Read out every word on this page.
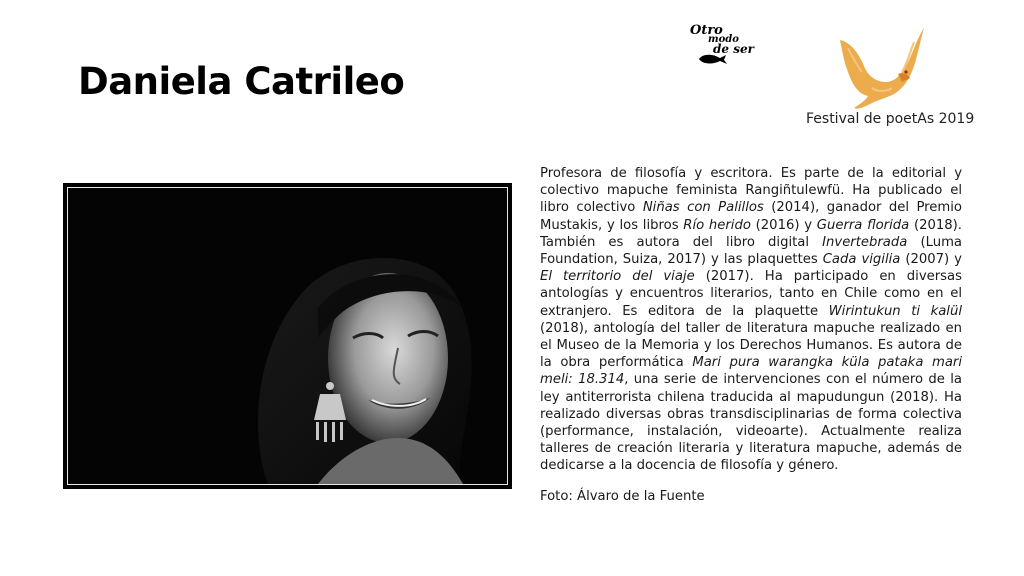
Daniela Catrileo
Otro
modo
de ser
Festival de poetAs 2019

Profesora de filosofía y escritora. Es parte de la editorial y colectivo mapuche feminista Rangiñtulewfü. Ha publicado el libro colectivo Niñas con Palillos (2014), ganador del Premio Mustakis, y los libros Río herido (2016) y Guerra florida (2018). También es autora del libro digital Invertebrada (Luma Foundation, Suiza, 2017) y las plaquettes Cada vigilia (2007) y El territorio del viaje (2017). Ha participado en diversas antologías y encuentros literarios, tanto en Chile como en el extranjero. Es editora de la plaquette Wirintukun ti kalül (2018), antología del taller de literatura mapuche realizado en el Museo de la Memoria y los Derechos Humanos. Es autora de la obra performática Mari pura warangka küla pataka mari meli: 18.314, una serie de intervenciones con el número de la ley antiterrorista chilena traducida al mapudungun (2018). Ha realizado diversas obras transdisciplinarias de forma colectiva (performance, instalación, videoarte). Actualmente realiza talleres de creación literaria y literatura mapuche, además de dedicarse a la docencia de filosofía y género.

Foto: Álvaro de la Fuente
